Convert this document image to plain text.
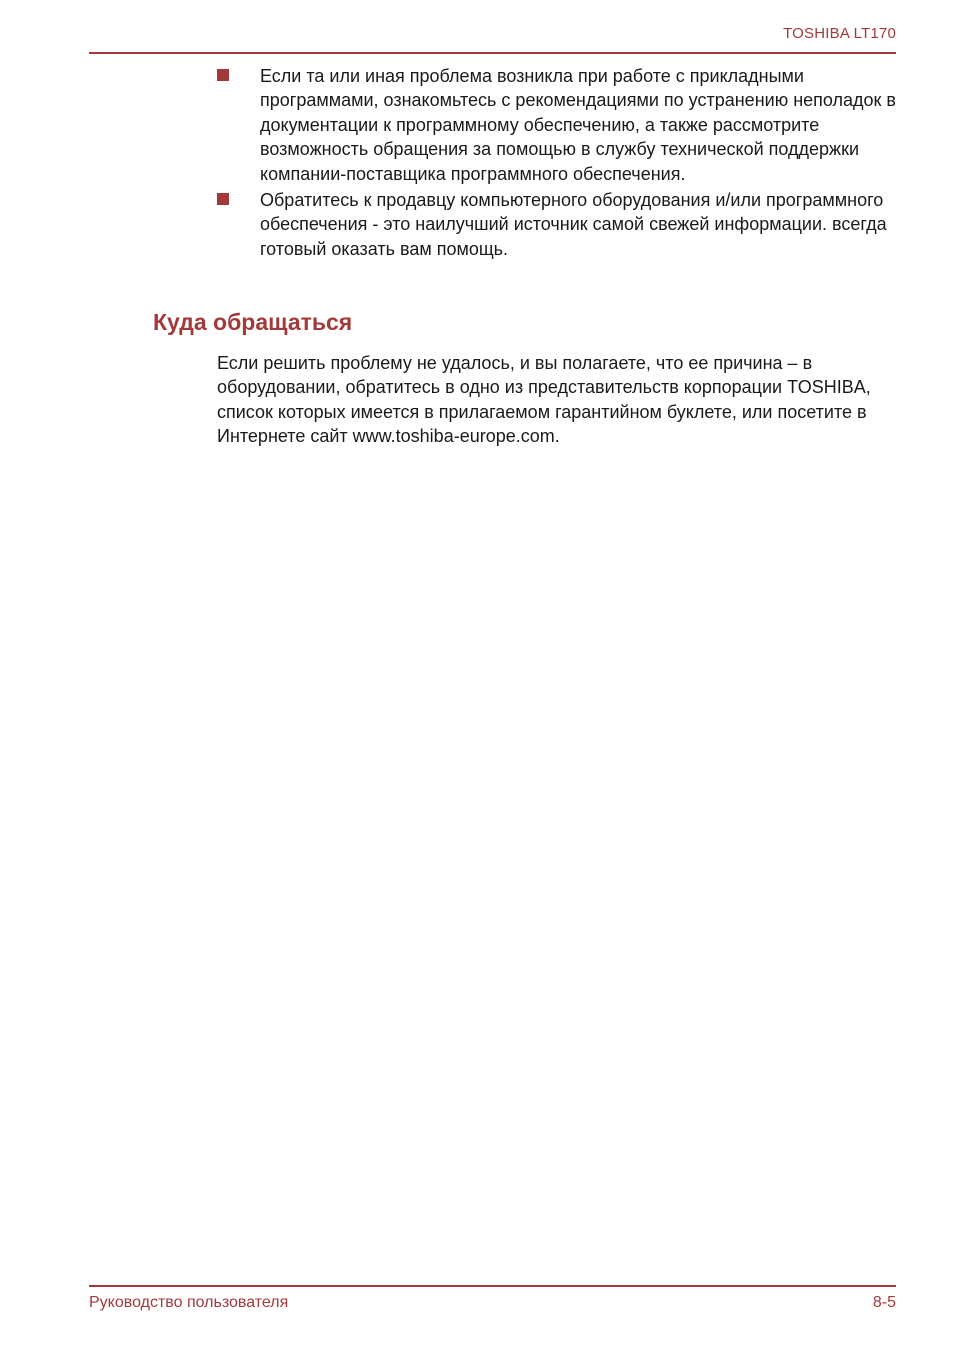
TOSHIBA LT170
Если та или иная проблема возникла при работе с прикладными программами, ознакомьтесь с рекомендациями по устранению неполадок в документации к программному обеспечению, а также рассмотрите возможность обращения за помощью в службу технической поддержки компании-поставщика программного обеспечения.
Обратитесь к продавцу компьютерного оборудования и/или программного обеспечения - это наилучший источник самой свежей информации. всегда готовый оказать вам помощь.
Куда обращаться

Если решить проблему не удалось, и вы полагаете, что ее причина – в оборудовании, обратитесь в одно из представительств корпорации TOSHIBA, список которых имеется в прилагаемом гарантийном буклете, или посетите в Интернете сайт www.toshiba-europe.com.

Руководство пользователя	8-5
